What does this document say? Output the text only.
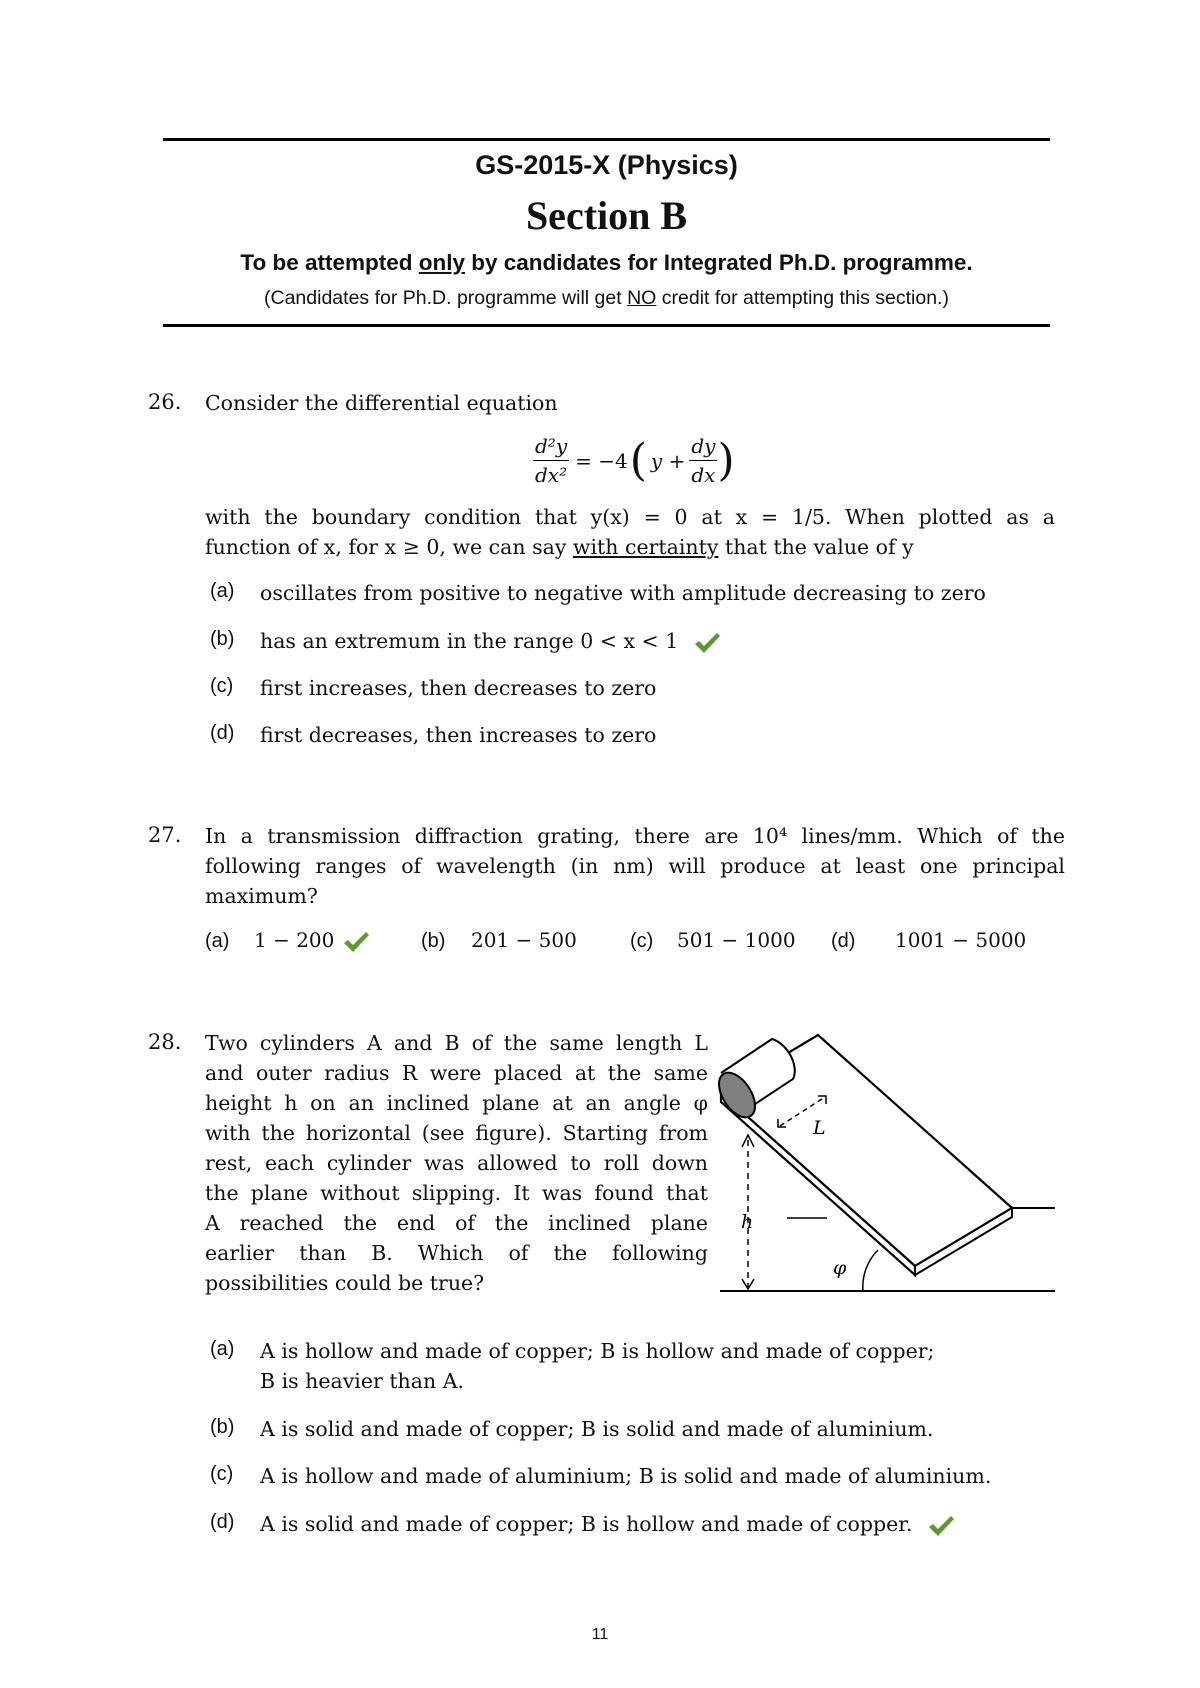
GS-2015-X (Physics)
Section B
To be attempted only by candidates for Integrated Ph.D. programme.
(Candidates for Ph.D. programme will get NO credit for attempting this section.)
26. Consider the differential equation
$\frac{\text{d²y}}{\text{dx²}} = -4$ ( $y + \frac{dy}{dx}$ )
with the boundary condition that y(x) = 0 at x = 1/5. When plotted as a
function of x, for x ≥ 0, we can say with certainty that the value of y
(a) oscillates from positive to negative with amplitude decreasing to zero
(b) has an extremum in the range 0 < x < 1
(c) first increases, then decreases to zero
(d) first decreases, then increases to zero
27. In a transmission diffraction grating, there are 10⁴ lines/mm. Which of the
following ranges of wavelength (in nm) will produce at least one principal
maximum?
(a) 1 − 200	(b) 201 − 500	(c) 501 − 1000 (d) 1001 − 5000
28. Two cylinders A and B of the same length L
and outer radius R were placed at the same
height h on an inclined plane at an angle φ
with the horizontal (see figure). Starting from
rest, each cylinder was allowed to roll down
the plane without slipping. It was found that
A reached the end of the inclined plane
earlier than B. Which of the following
possibilities could be true?
L
h
φ
(a) A is hollow and made of copper; B is hollow and made of copper;
B is heavier than A.
(b) A is solid and made of copper; B is solid and made of aluminium.
(c) A is hollow and made of aluminium; B is solid and made of aluminium.
(d) A is solid and made of copper; B is hollow and made of copper.
11
